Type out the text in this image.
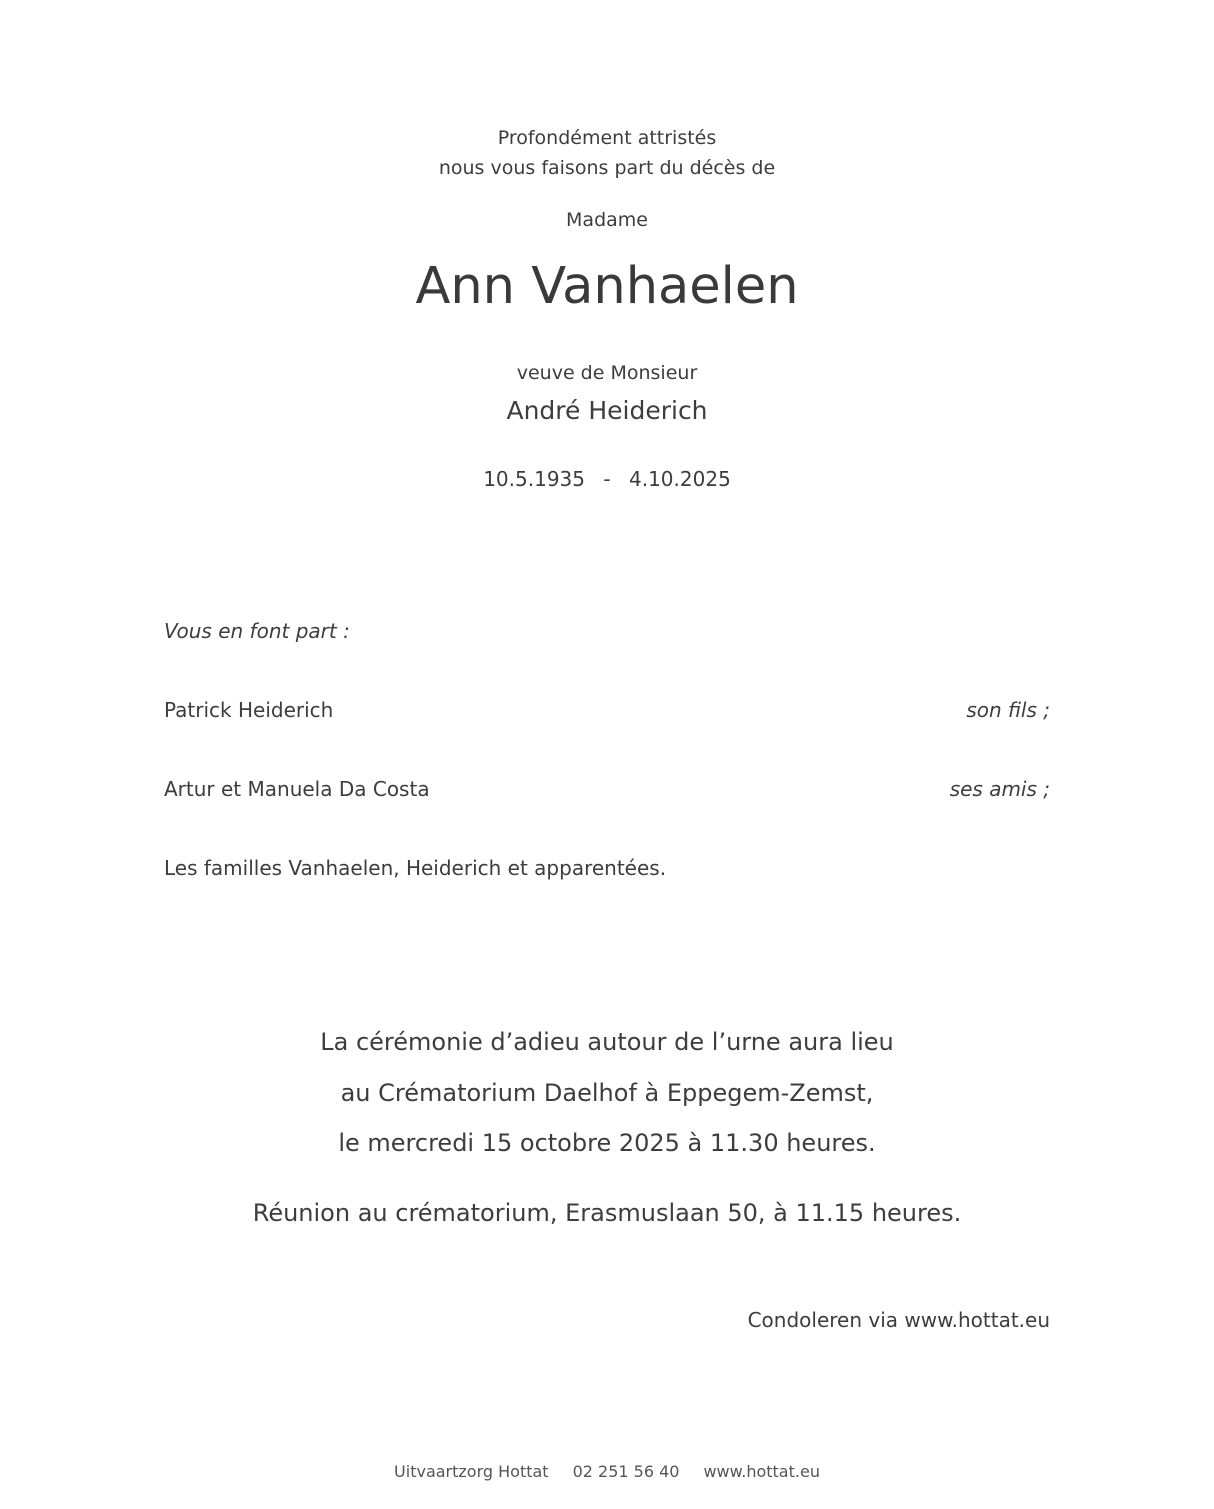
Profondément attristés
nous vous faisons part du décès de
Madame
Ann Vanhaelen
veuve de Monsieur
André Heiderich
10.5.1935 - 4.10.2025
Vous en font part :
Patrick Heiderich	son fils ;
Artur et Manuela Da Costa	ses amis ;
Les familles Vanhaelen, Heiderich et apparentées.
La cérémonie d’adieu autour de l’urne aura lieu
au Crématorium Daelhof à Eppegem-Zemst,
le mercredi 15 octobre 2025 à 11.30 heures.
Réunion au crématorium, Erasmuslaan 50, à 11.15 heures.
Condoleren via www.hottat.eu
Uitvaartzorg Hottat 02 251 56 40 www.hottat.eu
